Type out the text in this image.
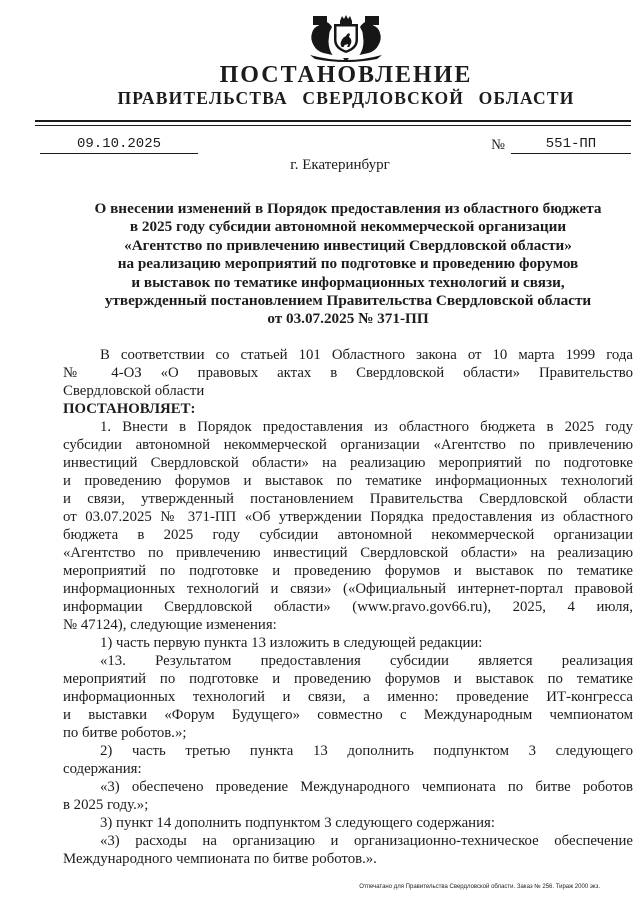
ПОСТАНОВЛЕНИЕ
ПРАВИТЕЛЬСТВА СВЕРДЛОВСКОЙ ОБЛАСТИ
09.10.2025	№	551-ПП
г. Екатеринбург
О внесении изменений в Порядок предоставления из областного бюджета
в 2025 году субсидии автономной некоммерческой организации
«Агентство по привлечению инвестиций Свердловской области»
на реализацию мероприятий по подготовке и проведению форумов
и выставок по тематике информационных технологий и связи,
утвержденный постановлением Правительства Свердловской области
от 03.07.2025 № 371-ПП
В соответствии со статьей 101 Областного закона от 10 марта 1999 года
№ 4-ОЗ «О правовых актах в Свердловской области» Правительство
Свердловской области
ПОСТАНОВЛЯЕТ:
1. Внести в Порядок предоставления из областного бюджета в 2025 году
субсидии автономной некоммерческой организации «Агентство по привлечению
инвестиций Свердловской области» на реализацию мероприятий по подготовке
и проведению форумов и выставок по тематике информационных технологий
и связи, утвержденный постановлением Правительства Свердловской области
от 03.07.2025 № 371-ПП «Об утверждении Порядка предоставления из областного
бюджета в 2025 году субсидии автономной некоммерческой организации
«Агентство по привлечению инвестиций Свердловской области» на реализацию
мероприятий по подготовке и проведению форумов и выставок по тематике
информационных технологий и связи» («Официальный интернет-портал правовой
информации Свердловской области» (www.pravo.gov66.ru), 2025, 4 июля,
№ 47124), следующие изменения:
1) часть первую пункта 13 изложить в следующей редакции:
«13. Результатом предоставления субсидии является реализация
мероприятий по подготовке и проведению форумов и выставок по тематике
информационных технологий и связи, а именно: проведение ИТ-конгресса
и выставки «Форум Будущего» совместно с Международным чемпионатом
по битве роботов.»;
2) часть третью пункта 13 дополнить подпунктом 3 следующего
содержания:
«3) обеспечено проведение Международного чемпионата по битве роботов
в 2025 году.»;
3) пункт 14 дополнить подпунктом 3 следующего содержания:
«3) расходы на организацию и организационно-техническое обеспечение
Международного чемпионата по битве роботов.».
Отпечатано для Правительства Свердловской области. Заказ № 256. Тираж 2000 экз.
